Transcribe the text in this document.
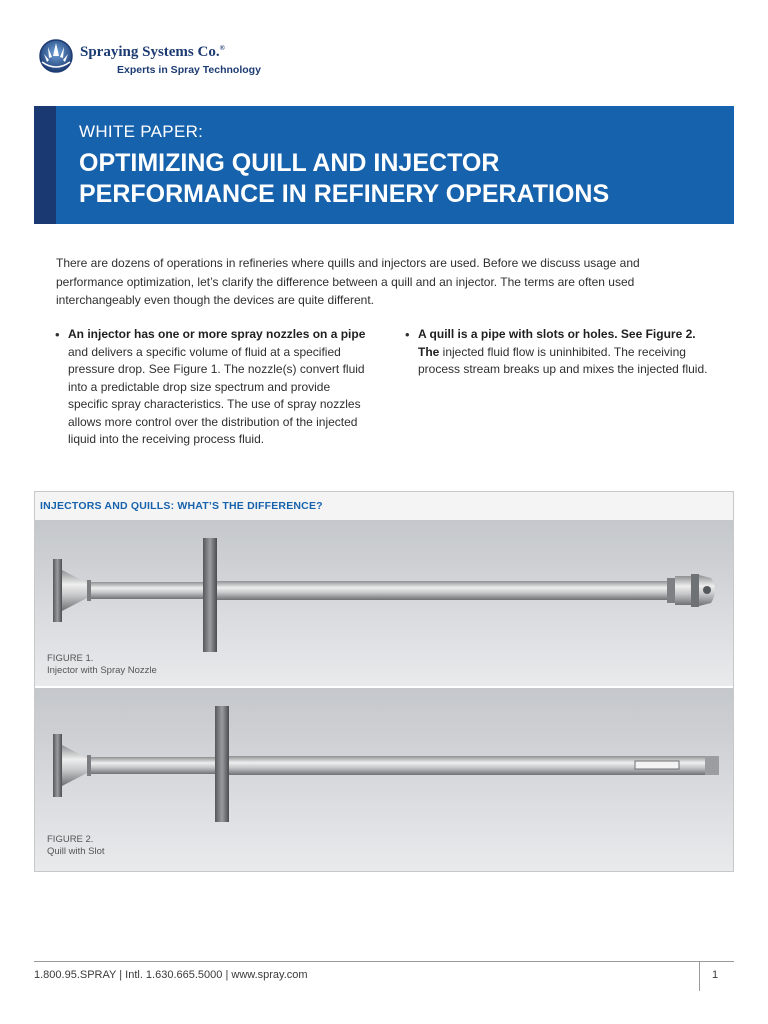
Spraying Systems Co.®
Experts in Spray Technology
WHITE PAPER:
OPTIMIZING QUILL AND INJECTOR
PERFORMANCE IN REFINERY OPERATIONS
There are dozens of operations in refineries where quills and injectors are used. Before we discuss usage and performance optimization, let’s clarify the difference between a quill and an injector. The terms are often used interchangeably even though the devices are quite different.
• An injector has one or more spray nozzles on a pipe and delivers a specific volume of fluid at a specified pressure drop. See Figure 1. The nozzle(s) convert fluid into a predictable drop size spectrum and provide specific spray characteristics. The use of spray nozzles allows more control over the distribution of the injected liquid into the receiving process fluid.
• A quill is a pipe with slots or holes. See Figure 2. The injected fluid flow is uninhibited. The receiving process stream breaks up and mixes the injected fluid.
INJECTORS AND QUILLS: WHAT’S THE DIFFERENCE?
FIGURE 1.
Injector with Spray Nozzle
FIGURE 2.
Quill with Slot
1.800.95.SPRAY | Intl. 1.630.665.5000 | www.spray.com	1
